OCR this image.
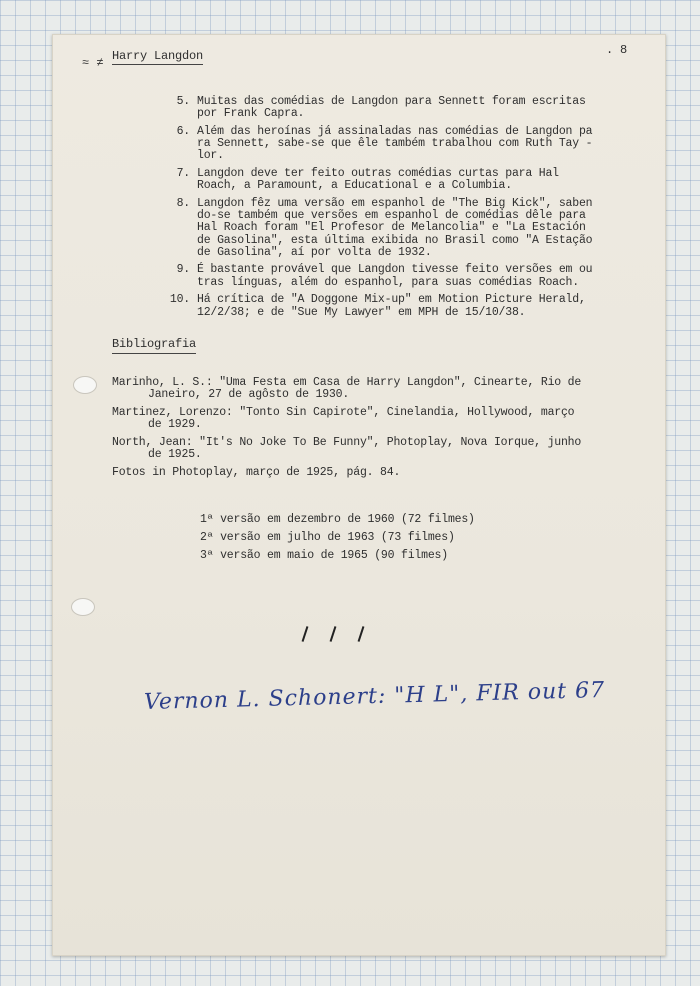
≈ ≠ Harry Langdon	. 8
5. Muitas das comédias de Langdon para Sennett foram escritas
por Frank Capra.
6. Além das heroínas já assinaladas nas comédias de Langdon pa
ra Sennett, sabe-se que êle também trabalhou com Ruth Tay -
lor.
7. Langdon deve ter feito outras comédias curtas para Hal
Roach, a Paramount, a Educational e a Columbia.
8. Langdon fêz uma versão em espanhol de "The Big Kick", saben
do-se também que versões em espanhol de comédias dêle para
Hal Roach foram "El Profesor de Melancolia" e "La Estación
de Gasolina", esta última exibida no Brasil como "A Estação
de Gasolina", aí por volta de 1932.
9. É bastante provável que Langdon tivesse feito versões em ou
tras línguas, além do espanhol, para suas comédias Roach.
10. Há crítica de "A Doggone Mix-up" em Motion Picture Herald,
12/2/38; e de "Sue My Lawyer" em MPH de 15/10/38.
Bibliografia
Marinho, L. S.: "Uma Festa em Casa de Harry Langdon", Cinearte, Rio de
Janeiro, 27 de agôsto de 1930.
Martinez, Lorenzo: "Tonto Sin Capirote", Cinelandia, Hollywood, março
de 1929.
North, Jean: "It's No Joke To Be Funny", Photoplay, Nova Iorque, junho
de 1925.
Fotos in Photoplay, março de 1925, pág. 84.
1ª versão em dezembro de 1960 (72 filmes)
2ª versão em julho de 1963 (73 filmes)
3ª versão em maio de 1965 (90 filmes)
Vernon L. Schonert: "H L", FIR out 67
